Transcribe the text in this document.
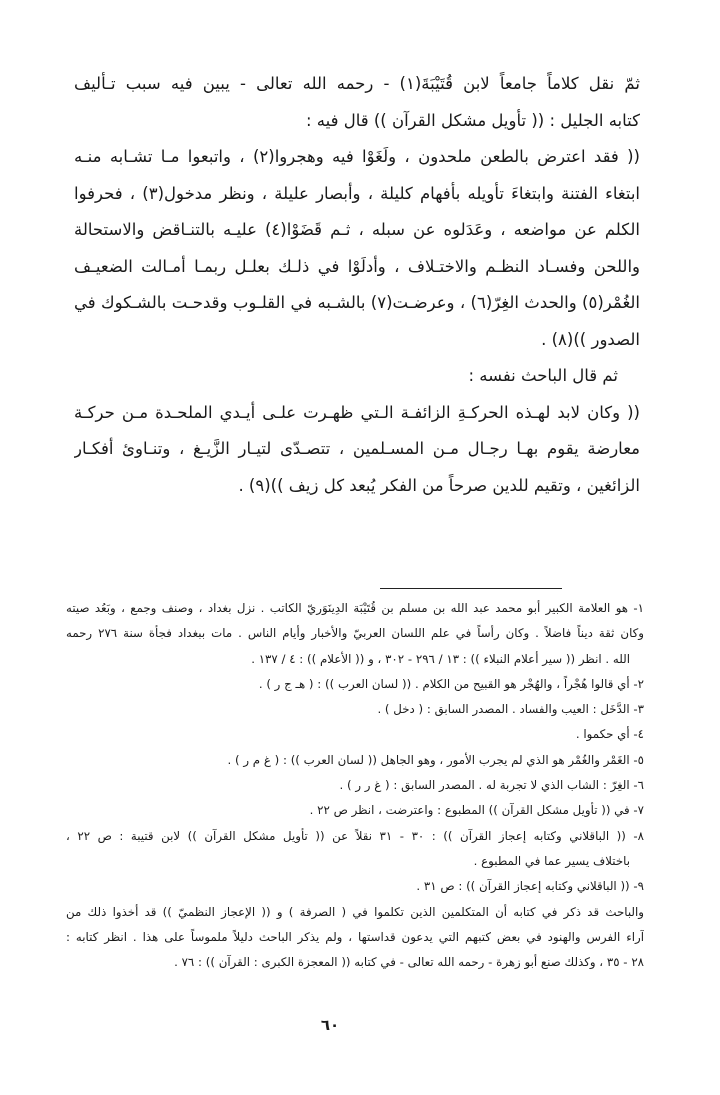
ثمّ نقل كلاماً جامعاً لابن قُتَيْبَةَ(١) - رحمه الله تعالى - يبين فيه سبب تـأليف
كتابه الجليل : (( تأويل مشكل القرآن )) قال فيه :
(( فقد اعترض بالطعن ملحدون ، ولَغَوْا فيه وهجروا(٢) ، واتبعوا مـا تشـابه منـه
ابتغاء الفتنة وابتغاءَ تأويله بأفهام كليلة ، وأبصار عليلة ، ونظر مدخول(٣) ، فحرفوا
الكلم عن مواضعه ، وعَدَلوه عن سبله ، ثـم قَضَوْا(٤) عليـه بالتنـاقض والاستحالة
واللحن وفسـاد النظـم والاختـلاف ، وأدلَوْا في ذلـك بعلـل ربمـا أمـالت الضعيـف
الغُمْر(٥) والحدث الغِرّ(٦) ، وعرضـت(٧) بالشـبه في القلـوب وقدحـت بالشـكوك في
الصدور ))(٨) .
ثم قال الباحث نفسه :
(( وكان لابد لهـذه الحركـةِ الزائفـة الـتي ظهـرت علـى أيـدي الملحـدة مـن حركـة
معارضة يقوم بهـا رجـال مـن المسـلمين ، تتصـدّى لتيـار الزَّيـغ ، وتنـاوئ أفكـار
الزائغين ، وتقيم للدين صرحاً من الفكر يُبعد كل زيف ))(٩) .
١- هو العلامة الكبير أبو محمد عبد الله بن مسلم بن قُتَيْبَة الدِينَوَريّ الكاتب . نزل بغداد ، وصنف وجمع ، وبَعُد صيته
وكان ثقة ديناً فاضلاً . وكان رأساً في علم اللسان العربيّ والأخبار وأيام الناس . مات ببغداد فجأة سنة ٢٧٦ رحمه
الله . انظر (( سير أعلام النبلاء )) : ١٣ / ٢٩٦ - ٣٠٢ ، و (( الأعلام )) : ٤ / ١٣٧ .
٢- أي قالوا هُجْراً ، والهُجْر هو القبيح من الكلام . (( لسان العرب )) : ( هـ ج ر ) .
٣- الدَّخَل : العيب والفساد . المصدر السابق : ( دخل ) .
٤- أي حكموا .
٥- الغَمْر والغُمْر هو الذي لم يجرب الأمور ، وهو الجاهل (( لسان العرب )) : ( غ م ر ) .
٦- الغِرّ : الشاب الذي لا تجربة له . المصدر السابق : ( غ ر ر ) .
٧- في (( تأويل مشكل القرآن )) المطبوع : واعترضت ، انظر ص ٢٢ .
٨- (( الباقلاني وكتابه إعجاز القرآن )) : ٣٠ - ٣١ نقلاً عن (( تأويل مشكل القرآن )) لابن قتيبة : ص ٢٢ ،
باختلاف يسير عما في المطبوع .
٩- (( الباقلاني وكتابه إعجاز القرآن )) : ص ٣١ .
والباحث قد ذكر في كتابه أن المتكلمين الذين تكلموا في ( الصرفة ) و (( الإعجاز النظميّ )) قد أخذوا ذلك من
آراء الفرس والهنود في بعض كتبهم التي يدعون قداستها ، ولم يذكر الباحث دليلاً ملموساً على هذا . انظر كتابه :
٢٨ - ٣٥ ، وكذلك صنع أبو زهرة - رحمه الله تعالى - في كتابه (( المعجزة الكبرى : القرآن )) : ٧٦ .
٦٠
